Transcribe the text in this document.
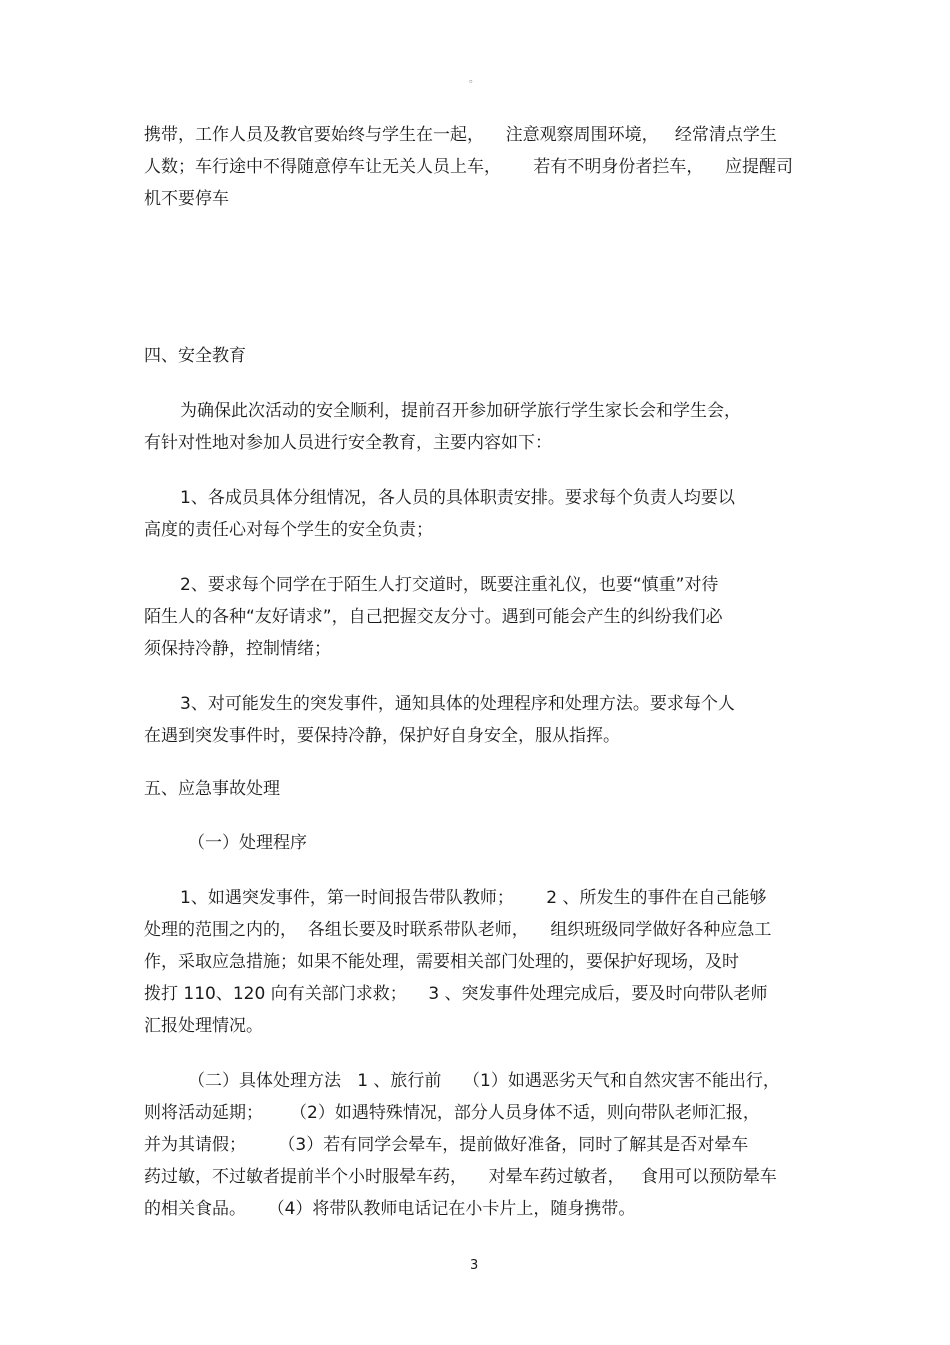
。
携带，工作人员及教官要始终与学生在一起，    注意观察周围环境，   经常清点学生
人数；车行途中不得随意停车让无关人员上车，      若有不明身份者拦车，    应提醒司
机不要停车
四、安全教育
为确保此次活动的安全顺利，提前召开参加研学旅行学生家长会和学生会，
有针对性地对参加人员进行安全教育，主要内容如下：
1、各成员具体分组情况，各人员的具体职责安排。要求每个负责人均要以
高度的责任心对每个学生的安全负责；
2、要求每个同学在于陌生人打交道时，既要注重礼仪，也要“慎重”对待
陌生人的各种“友好请求”，自己把握交友分寸。遇到可能会产生的纠纷我们必
须保持冷静，控制情绪；
3、对可能发生的突发事件，通知具体的处理程序和处理方法。要求每个人
在遇到突发事件时，要保持冷静，保护好自身安全，服从指挥。
五、应急事故处理
（一）处理程序
1、如遇突发事件，第一时间报告带队教师；      2 、所发生的事件在自己能够
处理的范围之内的，  各组长要及时联系带队老师，    组织班级同学做好各种应急工
作，采取应急措施；如果不能处理，需要相关部门处理的，要保护好现场，及时
拨打 110、120 向有关部门求救；    3 、突发事件处理完成后，要及时向带队老师
汇报处理情况。
（二）具体处理方法   1 、旅行前    （1）如遇恶劣天气和自然灾害不能出行，
则将活动延期；     （2）如遇特殊情况，部分人员身体不适，则向带队老师汇报，
并为其请假；      （3）若有同学会晕车，提前做好准备，同时了解其是否对晕车
药过敏，不过敏者提前半个小时服晕车药，    对晕车药过敏者，   食用可以预防晕车
的相关食品。    （4）将带队教师电话记在小卡片上，随身携带。
3
